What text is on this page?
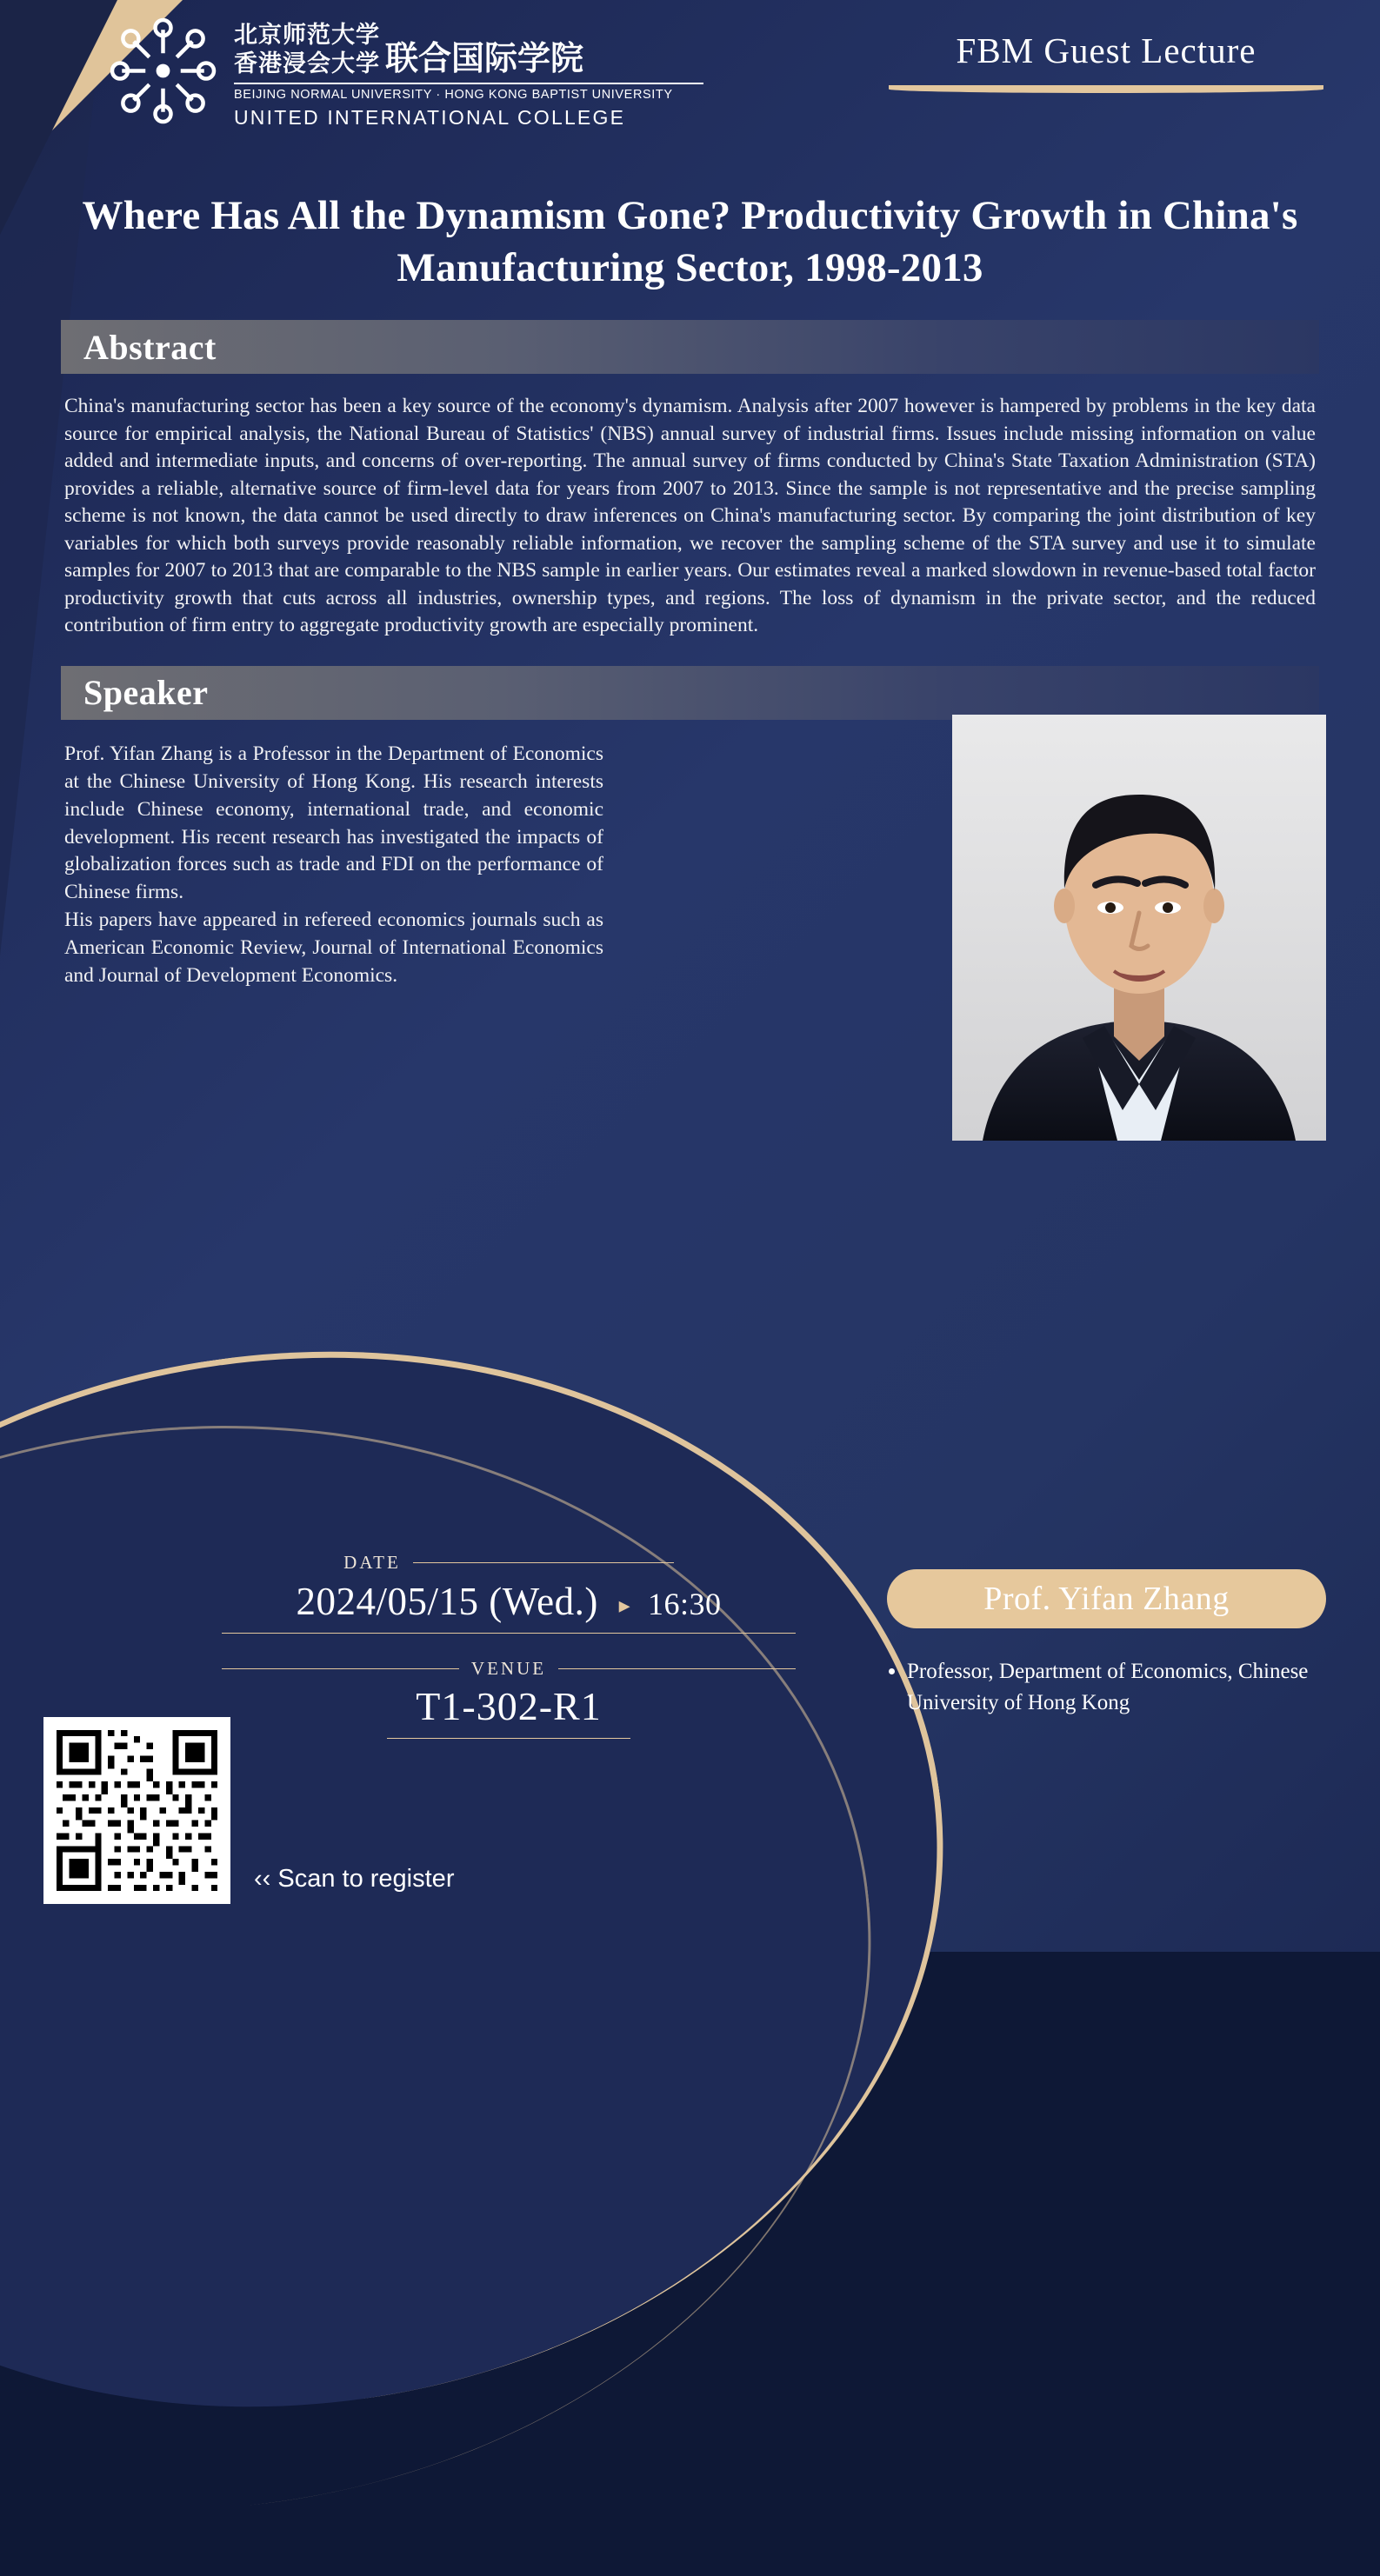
北京师范大学
香港浸会大学 联合国际学院
BEIJING NORMAL UNIVERSITY · HONG KONG BAPTIST UNIVERSITY
UNITED INTERNATIONAL COLLEGE
FBM Guest Lecture
Where Has All the Dynamism Gone? Productivity Growth in China's Manufacturing Sector, 1998-2013
Abstract
China's manufacturing sector has been a key source of the economy's dynamism. Analysis after 2007 however is hampered by problems in the key data source for empirical analysis, the National Bureau of Statistics' (NBS) annual survey of industrial firms. Issues include missing information on value added and intermediate inputs, and concerns of over-reporting. The annual survey of firms conducted by China's State Taxation Administration (STA) provides a reliable, alternative source of firm-level data for years from 2007 to 2013. Since the sample is not representative and the precise sampling scheme is not known, the data cannot be used directly to draw inferences on China's manufacturing sector. By comparing the joint distribution of key variables for which both surveys provide reasonably reliable information, we recover the sampling scheme of the STA survey and use it to simulate samples for 2007 to 2013 that are comparable to the NBS sample in earlier years. Our estimates reveal a marked slowdown in revenue-based total factor productivity growth that cuts across all industries, ownership types, and regions. The loss of dynamism in the private sector, and the reduced contribution of firm entry to aggregate productivity growth are especially prominent.
Speaker
Prof. Yifan Zhang is a Professor in the Department of Economics at the Chinese University of Hong Kong. His research interests include Chinese economy, international trade, and economic development. His recent research has investigated the impacts of globalization forces such as trade and FDI on the performance of Chinese firms.
His papers have appeared in refereed economics journals such as American Economic Review, Journal of International Economics and Journal of Development Economics.
DATE
2024/05/15 (Wed.) ▸ 16:30
VENUE
T1-302-R1
Prof. Yifan Zhang
• Professor, Department of Economics, Chinese University of Hong Kong
‹‹ Scan to register
